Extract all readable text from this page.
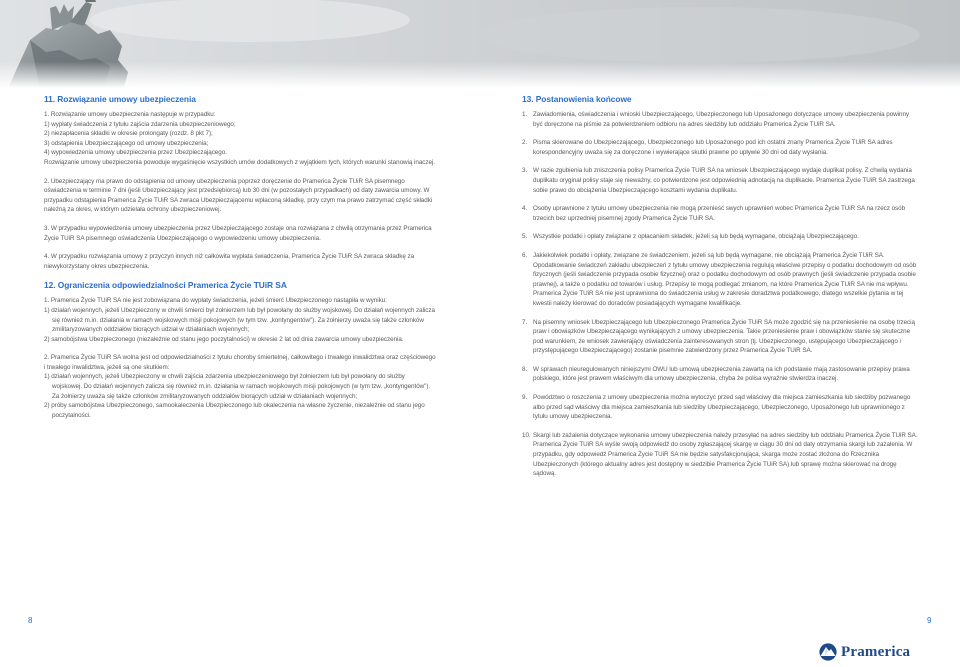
11. Rozwiązanie umowy ubezpieczenia

1. Rozwiązanie umowy ubezpieczenia następuje w przypadku:

1) wypłaty świadczenia z tytułu zajścia zdarzenia ubezpieczeniowego;

2) niezapłacenia składki w okresie prolongaty (rozdz. 8 pkt 7);

3) odstąpienia Ubezpieczającego od umowy ubezpieczenia;

4) wypowiedzenia umowy ubezpieczenia przez Ubezpieczającego.

Rozwiązanie umowy ubezpieczenia powoduje wygaśnięcie wszystkich umów dodatkowych z wyjątkiem tych, których warunki stanowią inaczej.

2. Ubezpieczający ma prawo do odstąpienia od umowy ubezpieczenia poprzez doręczenie do Pramerica Życie TUiR SA pisemnego oświadczenia w terminie 7 dni (jeśli Ubezpieczający jest przedsiębiorcą) lub 30 dni (w pozostałych przypadkach) od daty zawarcia umowy. W przypadku odstąpienia Pramerica Życie TUiR SA zwraca Ubezpieczającemu wpłaconą składkę, przy czym ma prawo zatrzymać część składki należną za okres, w którym udzielała ochrony ubezpieczeniowej.

3. W przypadku wypowiedzenia umowy ubezpieczenia przez Ubezpieczającego zostaje ona rozwiązana z chwilą otrzymania przez Pramerica Życie TUiR SA pisemnego oświadczenia Ubezpieczającego o wypowiedzeniu umowy ubezpieczenia.

4. W przypadku rozwiązania umowy z przyczyn innych niż całkowita wypłata świadczenia, Pramerica Życie TUiR SA zwraca składkę za niewykorzystany okres ubezpieczenia.

12. Ograniczenia odpowiedzialności Pramerica Życie TUiR SA

1. Pramerica Życie TUiR SA nie jest zobowiązana do wypłaty świadczenia, jeżeli śmierć Ubezpieczonego nastąpiła w wyniku:

1) działań wojennych, jeżeli Ubezpieczony w chwili śmierci był żołnierzem lub był powołany do służby wojskowej. Do działań wojennych zalicza się również m.in. działania w ramach wojskowych misji pokojowych (w tym tzw. „kontyngentów"). Za żołnierzy uważa się także członków zmilitaryzowanych oddziałów biorących udział w działaniach wojennych;

2) samobójstwa Ubezpieczonego (niezależnie od stanu jego poczytalności) w okresie 2 lat od dnia zawarcia umowy ubezpieczenia.

2. Pramerica Życie TUiR SA wolna jest od odpowiedzialności z tytułu choroby śmiertelnej, całkowitego i trwałego inwalidztwa oraz częściowego i trwałego inwalidztwa, jeżeli są one skutkiem:

1) działań wojennych, jeżeli Ubezpieczony w chwili zajścia zdarzenia ubezpieczeniowego był żołnierzem lub był powołany do służby wojskowej. Do działań wojennych zalicza się również m.in. działania w ramach wojskowych misji pokojowych (w tym tzw. „kontyngentów"). Za żołnierzy uważa się także członków zmilitaryzowanych oddziałów biorących udział w działaniach wojennych;

2) próby samobójstwa Ubezpieczonego, samookaleczenia Ubezpieczonego lub okaleczenia na własne życzenie, niezależnie od stanu jego poczytalności.

13. Postanowienia końcowe
1. Zawiadomienia, oświadczenia i wnioski Ubezpieczającego, Ubezpieczonego lub Uposażonego dotyczące umowy ubezpieczenia powinny być doręczone na piśmie za potwierdzeniem odbioru na adres siedziby lub oddziału Pramerica Życie TUiR SA.
2. Pisma skierowane do Ubezpieczającego, Ubezpieczonego lub Uposażonego pod ich ostatni znany Pramerica Życie TUiR SA adres korespondencyjny uważa się za doręczone i wywierające skutki prawne po upływie 30 dni od daty wysłania.
3. W razie zgubienia lub zniszczenia polisy Pramerica Życie TUiR SA na wniosek Ubezpieczającego wydaje duplikat polisy. Z chwilą wydania duplikatu oryginał polisy staje się nieważny, co potwierdzone jest odpowiednią adnotacją na duplikacie. Pramerica Życie TUiR SA zastrzega sobie prawo do obciążenia Ubezpieczającego kosztami wydania duplikatu.
4. Osoby uprawnione z tytułu umowy ubezpieczenia nie mogą przenieść swych uprawnień wobec Pramerica Życie TUiR SA na rzecz osób trzecich bez uprzedniej pisemnej zgody Pramerica Życie TUiR SA.
5. Wszystkie podatki i opłaty związane z opłacaniem składek, jeżeli są lub będą wymagane, obciążają Ubezpieczającego.
6. Jakiekolwiek podatki i opłaty, związane ze świadczeniem, jeżeli są lub będą wymagane, nie obciążają Pramerica Życie TUiR SA. Opodatkowanie świadczeń zakładu ubezpieczeń z tytułu umowy ubezpieczenia regulują właściwe przepisy o podatku dochodowym od osób fizycznych (jeśli świadczenie przypada osobie fizycznej) oraz o podatku dochodowym od osób prawnych (jeśli świadczenie przypada osobie prawnej), a także o podatku od towarów i usług. Przepisy te mogą podlegać zmianom, na które Pramerica Życie TUiR SA nie ma wpływu. Pramerica Życie TUiR SA nie jest uprawniona do świadczenia usług w zakresie doradztwa podatkowego, dlatego wszelkie pytania w tej kwestii należy kierować do doradców posiadających wymagane kwalifikacje.
7. Na pisemny wniosek Ubezpieczającego lub Ubezpieczonego Pramerica Życie TUiR SA może zgodzić się na przeniesienie na osobę trzecią praw i obowiązków Ubezpieczającego wynikających z umowy ubezpieczenia. Takie przeniesienie praw i obowiązków stanie się skuteczne pod warunkiem, że wniosek zawierający oświadczenia zainteresowanych stron (tj. Ubezpieczonego, ustępującego Ubezpieczającego i przystępującego Ubezpieczającego) zostanie pisemnie zatwierdzony przez Pramerica Życie TUiR SA.
8. W sprawach nieuregulowanych niniejszymi OWU lub umową ubezpieczenia zawartą na ich podstawie mają zastosowanie przepisy prawa polskiego, które jest prawem właściwym dla umowy ubezpieczenia, chyba że polisa wyraźnie stwierdza inaczej.
9. Powództwo o roszczenia z umowy ubezpieczenia można wytoczyć przed sąd właściwy dla miejsca zamieszkania lub siedziby pozwanego albo przed sąd właściwy dla miejsca zamieszkania lub siedziby Ubezpieczającego, Ubezpieczonego, Uposażonego lub uprawnionego z tytułu umowy ubezpieczenia.
10. Skargi lub zażalenia dotyczące wykonania umowy ubezpieczenia należy przesyłać na adres siedziby lub oddziału Pramerica Życie TUiR SA. Pramerica Życie TUiR SA wyśle swoją odpowiedź do osoby zgłaszającej skargę w ciągu 30 dni od daty otrzymania skargi lub zażalenia. W przypadku, gdy odpowiedź Pramerica Życie TUiR SA nie będzie satysfakcjonująca, skarga może zostać złożona do Rzecznika Ubezpieczonych (którego aktualny adres jest dostępny w siedzibie Pramerica Życie TUiR SA) lub sprawę można skierować na drogę sądową.
8	9
Pramerica
